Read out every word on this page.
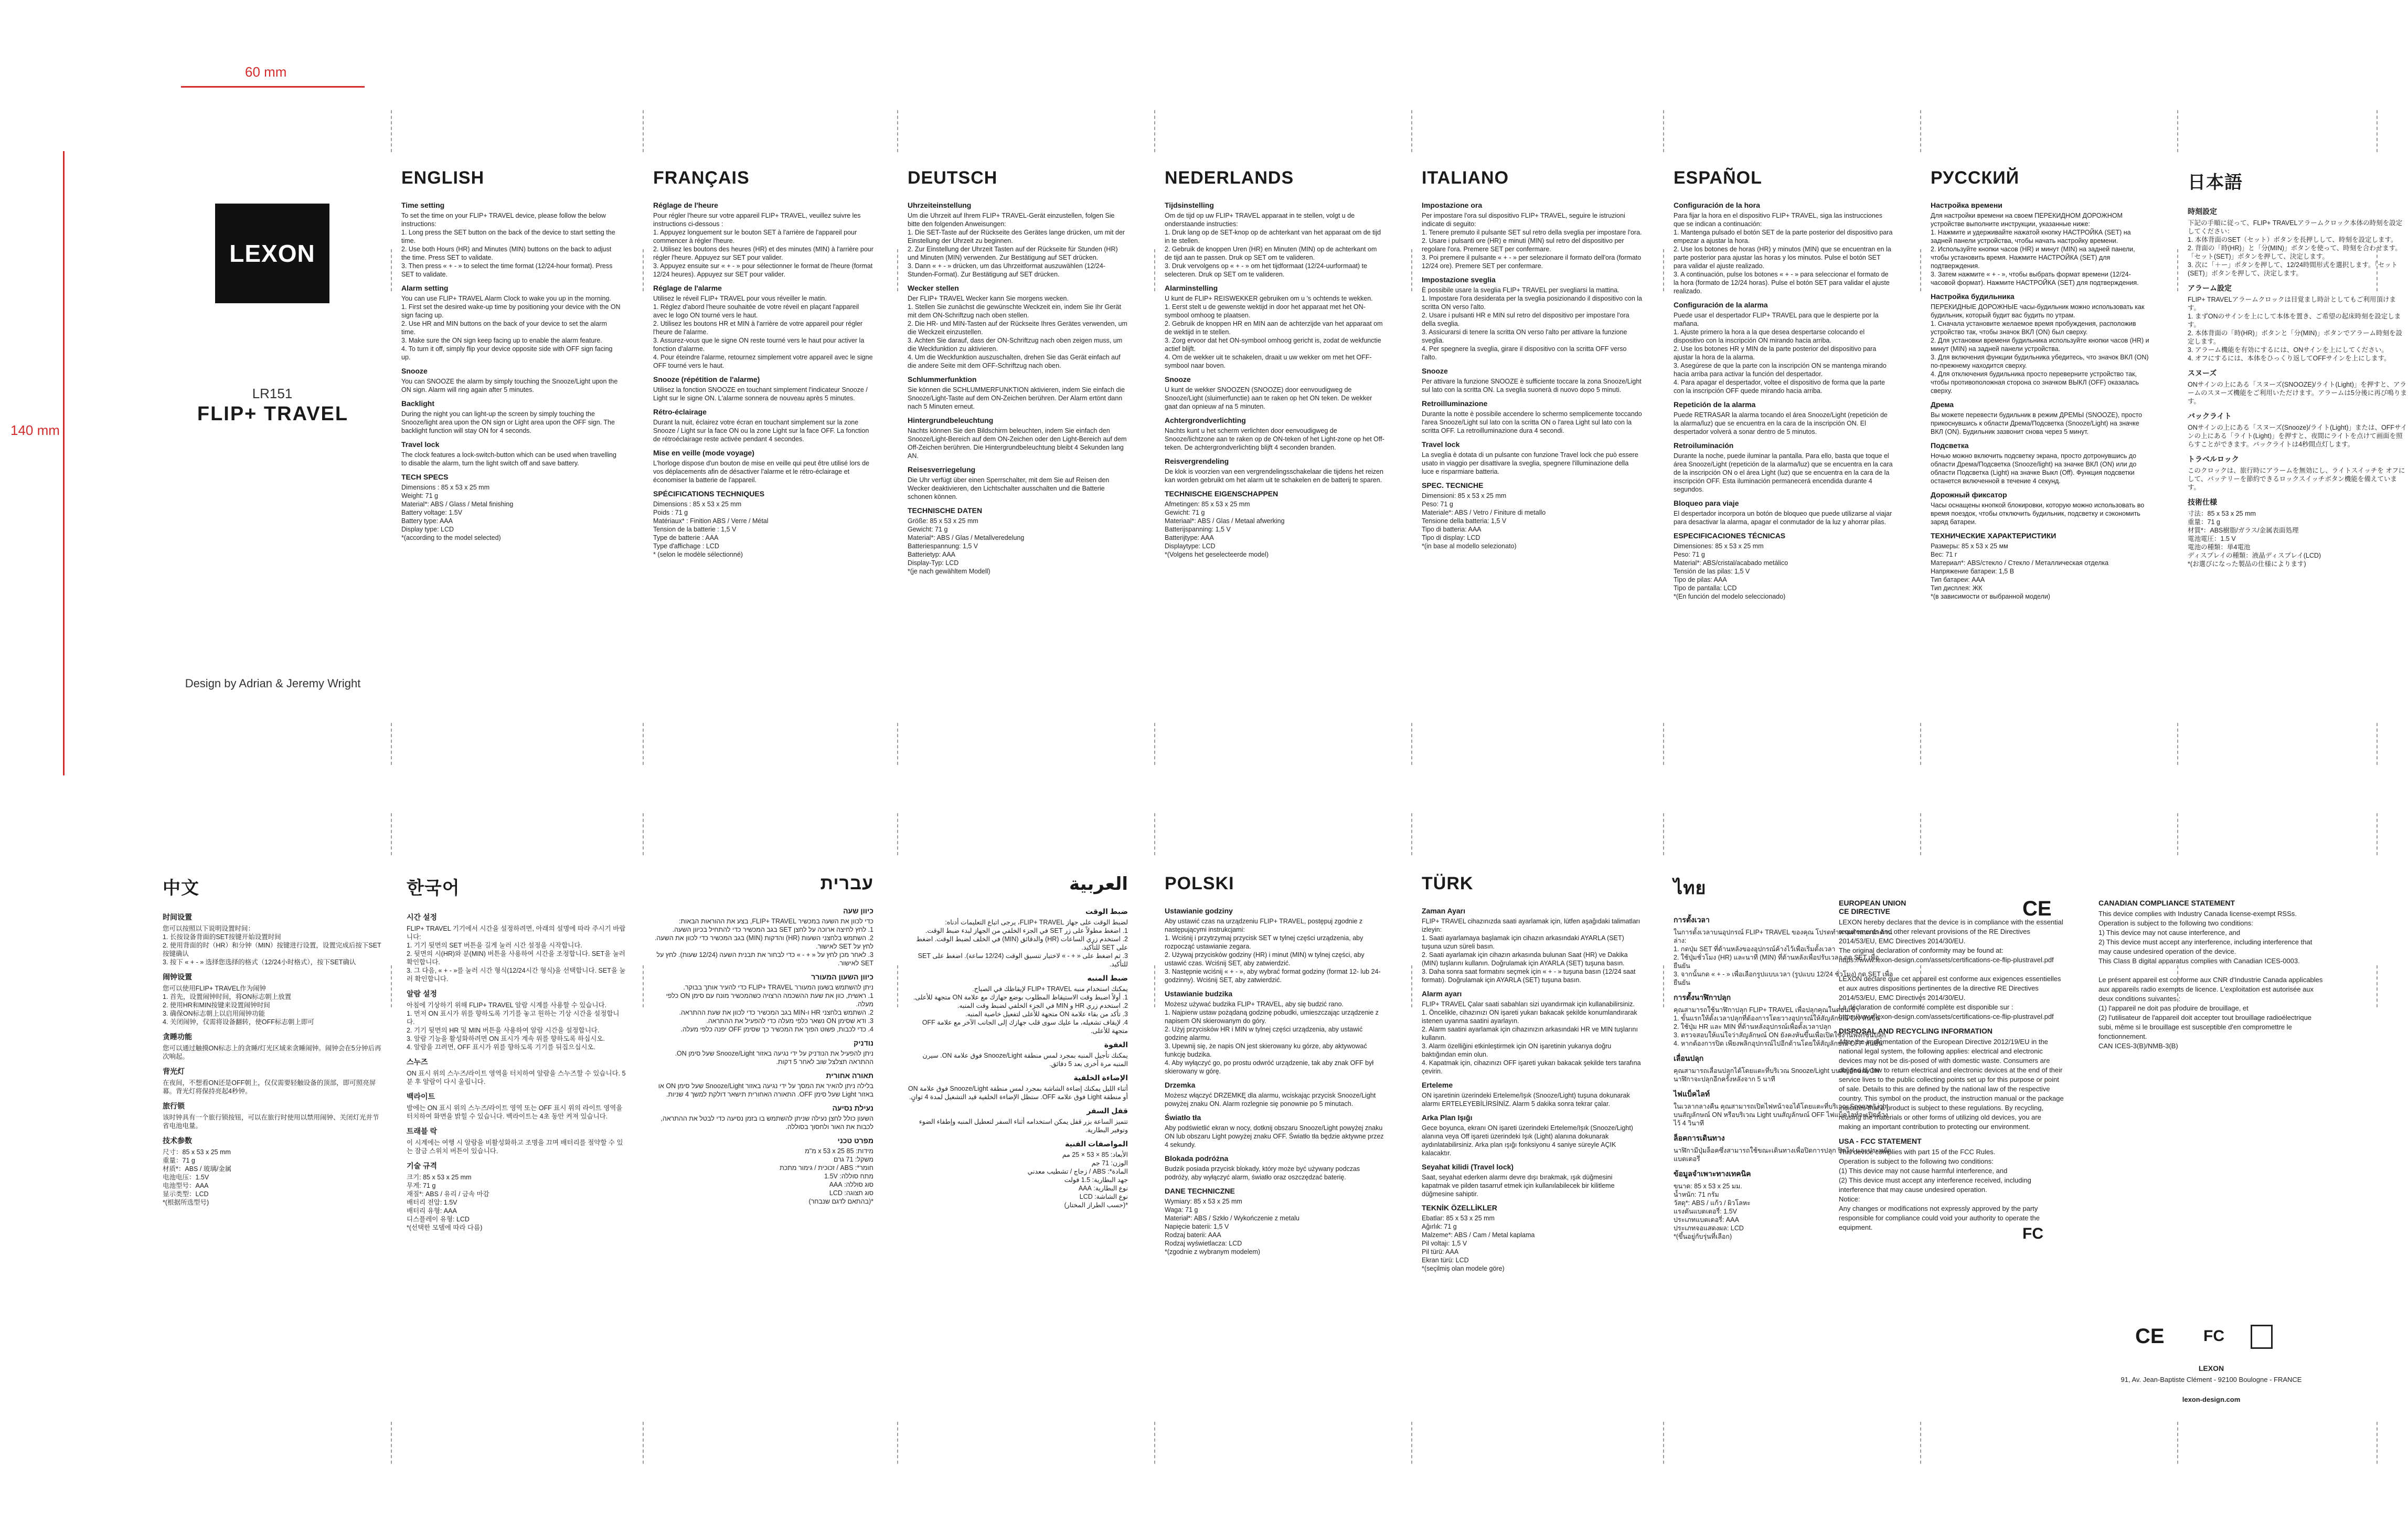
60 mm
140 mm
LEXON
LR151
FLIP+ TRAVEL
Design by Adrian & Jeremy Wright
ENGLISH
Time setting

To set the time on your FLIP+ TRAVEL device, please follow the below instructions:
1. Long press the SET button on the back of the device to start setting the time.
2. Use both Hours (HR) and Minutes (MIN) buttons on the back to adjust the time. Press SET to validate.
3. Then press « + - » to select the time format (12/24-hour format). Press SET to validate.

Alarm setting

You can use FLIP+ TRAVEL Alarm Clock to wake you up in the morning.
1. First set the desired wake-up time by positioning your device with the ON sign facing up.
2. Use HR and MIN buttons on the back of your device to set the alarm time.
3. Make sure the ON sign keep facing up to enable the alarm feature.
4. To turn it off, simply flip your device opposite side with OFF sign facing up.

Snooze

You can SNOOZE the alarm by simply touching the Snooze/Light upon the ON sign. Alarm will ring again after 5 minutes.

Backlight

During the night you can light-up the screen by simply touching the Snooze/light area upon the ON sign or Light area upon the OFF sign. The backlight function will stay ON for 4 seconds.

Travel lock

The clock features a lock-switch-button which can be used when travelling to disable the alarm, turn the light switch off and save battery.

TECH SPECS

Dimensions : 85 x 53 x 25 mm
Weight: 71 g
Material*: ABS / Glass / Metal finishing
Battery voltage: 1.5V
Battery type: AAA
Display type: LCD
*(according to the model selected)

FRANÇAIS
Réglage de l'heure

Pour régler l'heure sur votre appareil FLIP+ TRAVEL, veuillez suivre les instructions ci-dessous :
1. Appuyez longuement sur le bouton SET à l'arrière de l'appareil pour commencer à régler l'heure.
2. Utilisez les boutons des heures (HR) et des minutes (MIN) à l'arrière pour régler l'heure. Appuyez sur SET pour valider.
3. Appuyez ensuite sur « + - » pour sélectionner le format de l'heure (format 12/24 heures). Appuyez sur SET pour valider.

Réglage de l'alarme

Utilisez le réveil FLIP+ TRAVEL pour vous réveiller le matin.
1. Réglez d'abord l'heure souhaitée de votre réveil en plaçant l'appareil avec le logo ON tourné vers le haut.
2. Utilisez les boutons HR et MIN à l'arrière de votre appareil pour régler l'heure de l'alarme.
3. Assurez-vous que le signe ON reste tourné vers le haut pour activer la fonction d'alarme.
4. Pour éteindre l'alarme, retournez simplement votre appareil avec le signe OFF tourné vers le haut.

Snooze (répétition de l'alarme)

Utilisez la fonction SNOOZE en touchant simplement l'indicateur Snooze / Light sur le signe ON. L'alarme sonnera de nouveau après 5 minutes.

Rétro-éclairage

Durant la nuit, éclairez votre écran en touchant simplement sur la zone Snooze / Light sur la face ON ou la zone Light sur la face OFF. La fonction de rétroéclairage reste activée pendant 4 secondes.

Mise en veille (mode voyage)

L'horloge dispose d'un bouton de mise en veille qui peut être utilisé lors de vos déplacements afin de désactiver l'alarme et le rétro-éclairage et économiser la batterie de l'appareil.

SPÉCIFICATIONS TECHNIQUES

Dimensions : 85 x 53 x 25 mm
Poids : 71 g
Matériaux* : Finition ABS / Verre / Métal
Tension de la batterie : 1,5 V
Type de batterie : AAA
Type d'affichage : LCD
* (selon le modèle sélectionné)

DEUTSCH
Uhrzeiteinstellung

Um die Uhrzeit auf Ihrem FLIP+ TRAVEL-Gerät einzustellen, folgen Sie bitte den folgenden Anweisungen:
1. Die SET-Taste auf der Rückseite des Gerätes lange drücken, um mit der Einstellung der Uhrzeit zu beginnen.
2. Zur Einstellung der Uhrzeit Tasten auf der Rückseite für Stunden (HR) und Minuten (MIN) verwenden. Zur Bestätigung auf SET drücken.
3. Dann « + - » drücken, um das Uhrzeitformat auszuwählen (12/24-Stunden-Format). Zur Bestätigung auf SET drücken.

Wecker stellen

Der FLIP+ TRAVEL Wecker kann Sie morgens wecken.
1. Stellen Sie zunächst die gewünschte Weckzeit ein, indem Sie Ihr Gerät mit dem ON-Schriftzug nach oben stellen.
2. Die HR- und MIN-Tasten auf der Rückseite Ihres Gerätes verwenden, um die Weckzeit einzustellen.
3. Achten Sie darauf, dass der ON-Schriftzug nach oben zeigen muss, um die Weckfunktion zu aktivieren.
4. Um die Weckfunktion auszuschalten, drehen Sie das Gerät einfach auf die andere Seite mit dem OFF-Schriftzug nach oben.

Schlummerfunktion

Sie können die SCHLUMMERFUNKTION aktivieren, indem Sie einfach die Snooze/Light-Taste auf dem ON-Zeichen berühren. Der Alarm ertönt dann nach 5 Minuten erneut.

Hintergrundbeleuchtung

Nachts können Sie den Bildschirm beleuchten, indem Sie einfach den Snooze/Light-Bereich auf dem ON-Zeichen oder den Light-Bereich auf dem Off-Zeichen berühren. Die Hintergrundbeleuchtung bleibt 4 Sekunden lang AN.

Reisesverriegelung

Die Uhr verfügt über einen Sperrschalter, mit dem Sie auf Reisen den Wecker deaktivieren, den Lichtschalter ausschalten und die Batterie schonen können.

TECHNISCHE DATEN

Größe: 85 x 53 x 25 mm
Gewicht: 71 g
Material*: ABS / Glas / Metallveredelung
Batteriespannung: 1,5 V
Batterietyp: AAA
Display-Typ: LCD
*(je nach gewähltem Modell)

NEDERLANDS
Tijdsinstelling

Om de tijd op uw FLIP+ TRAVEL apparaat in te stellen, volgt u de onderstaande instructies:
1. Druk lang op de SET-knop op de achterkant van het apparaat om de tijd in te stellen.
2. Gebruik de knoppen Uren (HR) en Minuten (MIN) op de achterkant om de tijd aan te passen. Druk op SET om te valideren.
3. Druk vervolgens op « + - » om het tijdformaat (12/24-uurformaat) te selecteren. Druk op SET om te valideren.

Alarminstelling

U kunt de FLIP+ REISWEKKER gebruiken om u 's ochtends te wekken.
1. Eerst stelt u de gewenste wektijd in door het apparaat met het ON-symbool omhoog te plaatsen.
2. Gebruik de knoppen HR en MIN aan de achterzijde van het apparaat om de wektijd in te stellen.
3. Zorg ervoor dat het ON-symbool omhoog gericht is, zodat de wekfunctie actief blijft.
4. Om de wekker uit te schakelen, draait u uw wekker om met het OFF-symbool naar boven.

Snooze

U kunt de wekker SNOOZEN (SNOOZE) door eenvoudigweg de Snooze/Light (sluimerfunctie) aan te raken op het ON teken. De wekker gaat dan opnieuw af na 5 minuten.

Achtergrondverlichting

Nachts kunt u het scherm verlichten door eenvoudigweg de Snooze/lichtzone aan te raken op de ON-teken of het Light-zone op het Off-teken. De achtergrondverlichting blijft 4 seconden branden.

Reisvergrendeling

De klok is voorzien van een vergrendelingsschakelaar die tijdens het reizen kan worden gebruikt om het alarm uit te schakelen en de batterij te sparen.

TECHNISCHE EIGENSCHAPPEN

Afmetingen: 85 x 53 x 25 mm
Gewicht: 71 g
Materiaal*: ABS / Glas / Metaal afwerking
Batterijspanning: 1,5 V
Batterijtype: AAA
Displaytype: LCD
*(Volgens het geselecteerde model)

ITALIANO
Impostazione ora

Per impostare l'ora sul dispositivo FLIP+ TRAVEL, seguire le istruzioni indicate di seguito:
1. Tenere premuto il pulsante SET sul retro della sveglia per impostare l'ora.
2. Usare i pulsanti ore (HR) e minuti (MIN) sul retro del dispositivo per regolare l'ora. Premere SET per confermare.
3. Poi premere il pulsante « + - » per selezionare il formato dell'ora (formato 12/24 ore). Premere SET per confermare.

Impostazione sveglia

È possibile usare la sveglia FLIP+ TRAVEL per svegliarsi la mattina.
1. Impostare l'ora desiderata per la sveglia posizionando il dispositivo con la scritta ON verso l'alto.
2. Usare i pulsanti HR e MIN sul retro del dispositivo per impostare l'ora della sveglia.
3. Assicurarsi di tenere la scritta ON verso l'alto per attivare la funzione sveglia.
4. Per spegnere la sveglia, girare il dispositivo con la scritta OFF verso l'alto.

Snooze

Per attivare la funzione SNOOZE è sufficiente toccare la zona Snooze/Light sul lato con la scritta ON. La sveglia suonerà di nuovo dopo 5 minuti.

Retroilluminazione

Durante la notte è possibile accendere lo schermo semplicemente toccando l'area Snooze/Light sul lato con la scritta ON o l'area Light sul lato con la scritta OFF. La retroilluminazione dura 4 secondi.

Travel lock

La sveglia è dotata di un pulsante con funzione Travel lock che può essere usato in viaggio per disattivare la sveglia, spegnere l'illuminazione della luce e risparmiare batteria.

SPEC. TECNICHE

Dimensioni: 85 x 53 x 25 mm
Peso: 71 g
Materiale*: ABS / Vetro / Finiture di metallo
Tensione della batteria: 1,5 V
Tipo di batteria: AAA
Tipo di display: LCD
*(in base al modello selezionato)

ESPAÑOL
Configuración de la hora

Para fijar la hora en el dispositivo FLIP+ TRAVEL, siga las instrucciones que se indican a continuación:
1. Mantenga pulsado el botón SET de la parte posterior del dispositivo para empezar a ajustar la hora.
2. Use los botones de horas (HR) y minutos (MIN) que se encuentran en la parte posterior para ajustar las horas y los minutos. Pulse el botón SET para validar el ajuste realizado.
3. A continuación, pulse los botones « + - » para seleccionar el formato de la hora (formato de 12/24 horas). Pulse el botón SET para validar el ajuste realizado.

Configuración de la alarma

Puede usar el despertador FLIP+ TRAVEL para que le despierte por la mañana.
1. Ajuste primero la hora a la que desea despertarse colocando el dispositivo con la inscripción ON mirando hacia arriba.
2. Use los botones HR y MIN de la parte posterior del dispositivo para ajustar la hora de la alarma.
3. Asegúrese de que la parte con la inscripción ON se mantenga mirando hacia arriba para activar la función del despertador.
4. Para apagar el despertador, voltee el dispositivo de forma que la parte con la inscripción OFF quede mirando hacia arriba.

Repetición de la alarma

Puede RETRASAR la alarma tocando el área Snooze/Light (repetición de la alarma/luz) que se encuentra en la cara de la inscripción ON. El despertador volverá a sonar dentro de 5 minutos.

Retroiluminación

Durante la noche, puede iluminar la pantalla. Para ello, basta que toque el área Snooze/Light (repetición de la alarma/luz) que se encuentra en la cara de la inscripción ON o el área Light (luz) que se encuentra en la cara de la inscripción OFF. Esta iluminación permanecerá encendida durante 4 segundos.

Bloqueo para viaje

El despertador incorpora un botón de bloqueo que puede utilizarse al viajar para desactivar la alarma, apagar el conmutador de la luz y ahorrar pilas.

ESPECIFICACIONES TÉCNICAS

Dimensiones: 85 x 53 x 25 mm
Peso: 71 g
Material*: ABS/cristal/acabado metálico
Tensión de las pilas: 1,5 V
Tipo de pilas: AAA
Tipo de pantalla: LCD
*(En función del modelo seleccionado)

РУССКИЙ
Настройка времени

Для настройки времени на своем ПЕРЕКИДНОМ ДОРОЖНОМ устройстве выполните инструкции, указанные ниже:
1. Нажмите и удерживайте нажатой кнопку НАСТРОЙКА (SET) на задней панели устройства, чтобы начать настройку времени.
2. Используйте кнопки часов (HR) и минут (MIN) на задней панели, чтобы установить время. Нажмите НАСТРОЙКА (SET) для подтверждения.
3. Затем нажмите « + - », чтобы выбрать формат времени (12/24-часовой формат). Нажмите НАСТРОЙКА (SET) для подтверждения.

Настройка будильника

ПЕРЕКИДНЫЕ ДОРОЖНЫЕ часы-будильник можно использовать как будильник, который будит вас будить по утрам.
1. Сначала установите желаемое время пробуждения, расположив устройство так, чтобы значок ВКЛ (ON) был сверху.
2. Для установки времени будильника используйте кнопки часов (HR) и минут (MIN) на задней панели устройства.
3. Для включения функции будильника убедитесь, что значок ВКЛ (ON) по-прежнему находится сверху.
4. Для отключения будильника просто переверните устройство так, чтобы противоположная сторона со значком ВЫКЛ (OFF) оказалась сверху.

Дрема

Вы можете перевести будильник в режим ДРЕМЫ (SNOOZE), просто прикоснувшись к области Дрема/Подсветка (Snooze/Light) на значке ВКЛ (ON). Будильник зазвонит снова через 5 минут.

Подсветка

Ночью можно включить подсветку экрана, просто дотронувшись до области Дрема/Подсветка (Snooze/light) на значке ВКЛ (ON) или до области Подсветка (Light) на значке Выкл (Off). Функция подсветки останется включенной в течение 4 секунд.

Дорожный фиксатор

Часы оснащены кнопкой блокировки, которую можно использовать во время поездок, чтобы отключить будильник, подсветку и сэкономить заряд батареи.

ТЕХНИЧЕСКИЕ ХАРАКТЕРИСТИКИ

Размеры: 85 x 53 x 25 мм
Вес: 71 г
Материал*: ABS/стекло / Стекло / Металлическая отделка
Напряжение батареи: 1,5 В
Тип батареи: AAA
Тип дисплея: ЖК
*(в зависимости от выбранной модели)

日本語
時刻設定

下記の手順に従って、FLIP+ TRAVELアラームクロック本体の時刻を設定してください：
1. 本体背面のSET（セット）ボタンを長押しして、時刻を設定します。
2. 背面の「時(HR)」と「分(MIN)」ボタンを使って、時刻を合わせます。「セット(SET)」ボタンを押して、決定します。
3. 次に「＋ー」ボタンを押して、12/24時間形式を選択します。「セット(SET)」ボタンを押して、決定します。

アラーム設定

FLIP+ TRAVELアラームクロックは目覚まし時計としてもご利用頂けます。
1. まずONのサインを上にして本体を置き、ご希望の起床時刻を設定します。
2. 本体背面の「時(HR)」ボタンと「分(MIN)」ボタンでアラーム時刻を設定します。
3. アラーム機能を有効にするには、ONサインを上にしてください。
4. オフにするには、本体をひっくり返してOFFサインを上にします。

スヌーズ

ONサインの上にある「スヌーズ(SNOOZE)/ライト(Light)」を押すと、アラームのスヌーズ機能をご利用いただけます。アラームは5分後に再び鳴ります。

バックライト

ONサインの上にある「スヌーズ(Snooze)/ライト(Light)」または、OFFサインの上にある「ライト(Light)」を押すと、夜間にライトを点けて画面を照らすことができます。バックライトは4秒間点灯します。

トラベルロック

このクロックは、旅行時にアラームを無効にし、ライトスイッチを オフにして、バッテリーを節約できるロックスイッチボタン機能を備えています。

技術仕様

寸法：85 x 53 x 25 mm
重量：71 g
材質*：ABS樹脂/ガラス/金属表面処理
電池電圧：1.5 V
電池の種類：単4電池
ディスプレイの種類：液晶ディスプレイ(LCD)
*(お選びになった製品の仕様によります)

中文
时间设置

您可以按照以下说明设置时间：
1. 长按设备背面的SET按键开始设置时间
2. 使用背面的时（HR）和分钟（MIN）按键进行设置，设置完成后按下SET按键确认
3. 按下 « + - » 选择您选择的格式（12/24小时格式），按下SET确认

闹钟设置

您可以使用FLIP+ TRAVEL作为闹钟
1. 首先，设置闹钟时间，将ON标志朝上放置
2. 使用HR和MIN按键来设置闹钟时间
3. 确保ON标志朝上以启用闹钟功能
4. 关闭闹钟，仅需将设备翻转，使OFF标志朝上即可

贪睡功能

您可以通过触摸ON标志上的贪睡/灯光区域来贪睡闹钟。闹钟会在5分钟后再次响起。

背光灯

在夜间，不想看ON还是OFF朝上，仅仅需要轻触设备的顶部，即可照亮屏幕。背光灯将保持亮起4秒钟。

旅行锁

该时钟具有一个旅行锁按钮，可以在旅行时使用以禁用闹钟、关闭灯光并节省电池电量。

技术参数

尺寸：85 x 53 x 25 mm
重量：71 g
材质*：ABS / 玻璃/金属
电池电压：1.5V
电池型号：AAA
显示类型：LCD
*(根据所选型号)

한국어
시간 설정

FLIP+ TRAVEL 기기에서 시간을 설정하려면, 아래의 설명에 따라 주시기 바랍니다:
1. 기기 뒷면의 SET 버튼을 길게 눌러 시간 설정을 시작합니다.
2. 뒷면의 시(HR)와 분(MIN) 버튼을 사용하여 시간을 조정합니다. SET을 눌러 확인합니다.
3. 그 다음, « + - »를 눌러 시간 형식(12/24시간 형식)을 선택합니다. SET을 눌러 확인합니다.

알람 설정

아침에 기상하기 위해 FLIP+ TRAVEL 알람 시계를 사용할 수 있습니다.
1. 먼저 ON 표시가 위를 향하도록 기기를 놓고 원하는 기상 시간을 설정합니다.
2. 기기 뒷면의 HR 및 MIN 버튼을 사용하여 알람 시간을 설정합니다.
3. 알람 기능을 활성화하려면 ON 표시가 계속 위를 향하도록 하십시오.
4. 알람을 끄려면, OFF 표시가 위를 향하도록 기기를 뒤집으십시오.

스누즈

ON 표시 위의 스누즈/라이트 영역을 터치하여 알람을 스누즈할 수 있습니다. 5분 후 알람이 다시 울립니다.

백라이트

밤에는 ON 표시 위의 스누즈/라이트 영역 또는 OFF 표시 위의 라이트 영역을 터치하여 화면을 밝힐 수 있습니다. 백라이트는 4초 동안 켜져 있습니다.

트래블 락

이 시계에는 여행 시 알람을 비활성화하고 조명을 끄며 배터리를 절약할 수 있는 잠금 스위치 버튼이 있습니다.

기술 규격

크기: 85 x 53 x 25 mm
무게: 71 g
재질*: ABS / 유리 / 금속 마감
배터리 전압: 1.5V
배터리 유형: AAA
디스플레이 유형: LCD
*(선택한 모델에 따라 다름)

עברית
כיוון שעה

כדי לכוון את השעה במכשיר FLIP+ TRAVEL, בצע את ההוראות הבאות:
1. לחץ לחיצה ארוכה על לחצן SET בגב המכשיר כדי להתחיל בכיוון השעה.
2. השתמש בלחצני השעות (HR) והדקות (MIN) בגב המכשיר כדי לכוון את השעה. לחץ על SET לאישור.
3. לאחר מכן לחץ על « + - » כדי לבחור את תבנית השעה (12/24 שעות). לחץ על SET לאישור.

כיוון השעון המעורר

ניתן להשתמש בשעון המעורר FLIP+ TRAVEL כדי להעיר אותך בבוקר.
1. ראשית, כוון את שעת ההשכמה הרצויה כשהמכשיר מונח עם סימן ON כלפי מעלה.
2. השתמש בלחצני HR ו-MIN בגב המכשיר כדי לכוון את שעת ההתראה.
3. ודא שסימן ON נשאר כלפי מעלה כדי להפעיל את ההתראה.
4. כדי לכבות, פשוט הפוך את המכשיר כך שסימן OFF יפנה כלפי מעלה.

נודניק

ניתן להפעיל את הנודניק על ידי נגיעה באזור Snooze/Light שעל סימן ON. ההתראה תצלצל שוב לאחר 5 דקות.

תאורה אחורית

בלילה ניתן להאיר את המסך על ידי נגיעה באזור Snooze/Light שעל סימן ON או באזור Light שעל סימן OFF. התאורה האחורית תישאר דולקת למשך 4 שניות.

נעילת נסיעה

השעון כולל לחצן נעילה שניתן להשתמש בו בזמן נסיעה כדי לבטל את ההתראה, לכבות את האור ולחסוך בסוללה.

מפרט טכני

מידות: 85 x 53 x 25 מ"מ
משקל: 71 גרם
חומר*: ABS / זכוכית / גימור מתכת
מתח סוללה: 1.5V
סוג סוללה: AAA
סוג תצוגה: LCD
*(בהתאם לדגם שנבחר)

العربية
ضبط الوقت

لضبط الوقت على جهاز FLIP+ TRAVEL، يرجى اتباع التعليمات أدناه:
1. اضغط مطولاً على زر SET في الجزء الخلفي من الجهاز لبدء ضبط الوقت.
2. استخدم زري الساعات (HR) والدقائق (MIN) في الخلف لضبط الوقت. اضغط على SET للتأكيد.
3. ثم اضغط على « + - » لاختيار تنسيق الوقت (12/24 ساعة). اضغط على SET للتأكيد.

ضبط المنبه

يمكنك استخدام منبه FLIP+ TRAVEL لإيقاظك في الصباح.
1. أولاً اضبط وقت الاستيقاظ المطلوب بوضع جهازك مع علامة ON متجهة للأعلى.
2. استخدم زري HR و MIN في الجزء الخلفي لضبط وقت المنبه.
3. تأكد من بقاء علامة ON متجهة للأعلى لتفعيل خاصية المنبه.
4. لإيقاف تشغيله، ما عليك سوى قلب جهازك إلى الجانب الآخر مع علامة OFF متجهة للأعلى.

الغفوة

يمكنك تأجيل المنبه بمجرد لمس منطقة Snooze/Light فوق علامة ON. سيرن المنبه مرة أخرى بعد 5 دقائق.

الإضاءة الخلفية

أثناء الليل يمكنك إضاءة الشاشة بمجرد لمس منطقة Snooze/Light فوق علامة ON أو منطقة Light فوق علامة OFF. ستظل الإضاءة الخلفية قيد التشغيل لمدة 4 ثوانٍ.

قفل السفر

تتميز الساعة بزر قفل يمكن استخدامه أثناء السفر لتعطيل المنبه وإطفاء الضوء وتوفير البطارية.

المواصفات الفنية

الأبعاد: 85 × 53 × 25 مم
الوزن: 71 جم
المادة*: ABS / زجاج / تشطيب معدني
جهد البطارية: 1.5 فولت
نوع البطارية: AAA
نوع الشاشة: LCD
*(حسب الطراز المختار)

POLSKI
Ustawianie godziny

Aby ustawić czas na urządzeniu FLIP+ TRAVEL, postępuj zgodnie z następującymi instrukcjami:
1. Wciśnij i przytrzymaj przycisk SET w tylnej części urządzenia, aby rozpocząć ustawianie zegara.
2. Używaj przycisków godziny (HR) i minut (MIN) w tylnej części, aby ustawić czas. Wciśnij SET, aby zatwierdzić.
3. Następnie wciśnij « + - », aby wybrać format godziny (format 12- lub 24-godzinny). Wciśnij SET, aby zatwierdzić.

Ustawianie budzika

Możesz używać budzika FLIP+ TRAVEL, aby się budzić rano.
1. Najpierw ustaw pożądaną godzinę pobudki, umieszczając urządzenie z napisem ON skierowanym do góry.
2. Użyj przycisków HR i MIN w tylnej części urządzenia, aby ustawić godzinę alarmu.
3. Upewnij się, że napis ON jest skierowany ku górze, aby aktywować funkcję budzika.
4. Aby wyłączyć go, po prostu odwróć urządzenie, tak aby znak OFF był skierowany w górę.

Drzemka

Możesz włączyć DRZEMKĘ dla alarmu, wciskając przycisk Snooze/Light powyżej znaku ON. Alarm rozlegnie się ponownie po 5 minutach.

Światło tła

Aby podświetlić ekran w nocy, dotknij obszaru Snooze/Light powyżej znaku ON lub obszaru Light powyżej znaku OFF. Światło tła będzie aktywne przez 4 sekundy.

Blokada podróżna

Budzik posiada przycisk blokady, który może być używany podczas podróży, aby wyłączyć alarm, światło oraz oszczędzać baterię.

DANE TECHNICZNE

Wymiary: 85 x 53 x 25 mm
Waga: 71 g
Materiał*: ABS / Szkło / Wykończenie z metalu
Napięcie baterii: 1,5 V
Rodzaj baterii: AAA
Rodzaj wyświetlacza: LCD
*(zgodnie z wybranym modelem)

TÜRK
Zaman Ayarı

FLIP+ TRAVEL cihazınızda saati ayarlamak için, lütfen aşağıdaki talimatları izleyin:
1. Saati ayarlamaya başlamak için cihazın arkasındaki AYARLA (SET) tuşuna uzun süreli basın.
2. Saati ayarlamak için cihazın arkasında bulunan Saat (HR) ve Dakika (MIN) tuşlarını kullanın. Doğrulamak için AYARLA (SET) tuşuna basın.
3. Daha sonra saat formatını seçmek için « + - » tuşuna basın (12/24 saat formatı). Doğrulamak için AYARLA (SET) tuşuna basın.

Alarm ayarı

FLIP+ TRAVEL Çalar saati sabahları sizi uyandırmak için kullanabilirsiniz.
1. Öncelikle, cihazınızı ON işareti yukarı bakacak şekilde konumlandırarak istenen uyanma saatini ayarlayın.
2. Alarm saatini ayarlamak için cihazınızın arkasındaki HR ve MIN tuşlarını kullanın.
3. Alarm özelliğini etkinleştirmek için ON işaretinin yukarıya doğru baktığından emin olun.
4. Kapatmak için, cihazınızı OFF işareti yukarı bakacak şekilde ters tarafına çevirin.

Erteleme

ON işaretinin üzerindeki Erteleme/Işık (Snooze/Light) tuşuna dokunarak alarmı ERTELEYEBİLİRSİNİZ. Alarm 5 dakika sonra tekrar çalar.

Arka Plan Işığı

Gece boyunca, ekranı ON işareti üzerindeki Erteleme/Işık (Snooze/Light) alanına veya Off işareti üzerindeki Işık (Light) alanına dokunarak aydınlatabilirsiniz. Arka plan ışığı fonksiyonu 4 saniye süreyle AÇIK kalacaktır.

Seyahat kilidi (Travel lock)

Saat, seyahat ederken alarmı devre dışı bırakmak, ışık düğmesini kapatmak ve pilden tasarruf etmek için kullanılabilecek bir kilitleme düğmesine sahiptir.

TEKNİK ÖZELLİKLER

Ebatlar: 85 x 53 x 25 mm
Ağırlık: 71 g
Malzeme*: ABS / Cam / Metal kaplama
Pil voltajı: 1,5 V
Pil türü: AAA
Ekran türü: LCD
*(seçilmiş olan modele göre)

ไทย
การตั้งเวลา

ในการตั้งเวลาบนอุปกรณ์ FLIP+ TRAVEL ของคุณ โปรดทำตามคำแนะนำด้านล่าง:
1. กดปุ่ม SET ที่ด้านหลังของอุปกรณ์ค้างไว้เพื่อเริ่มตั้งเวลา
2. ใช้ปุ่มชั่วโมง (HR) และนาที (MIN) ที่ด้านหลังเพื่อปรับเวลา กด SET เพื่อยืนยัน
3. จากนั้นกด « + - » เพื่อเลือกรูปแบบเวลา (รูปแบบ 12/24 ชั่วโมง) กด SET เพื่อยืนยัน

การตั้งนาฬิกาปลุก

คุณสามารถใช้นาฬิกาปลุก FLIP+ TRAVEL เพื่อปลุกคุณในตอนเช้า
1. ขั้นแรกให้ตั้งเวลาปลุกที่ต้องการโดยวางอุปกรณ์ให้สัญลักษณ์ ON หันขึ้น
2. ใช้ปุ่ม HR และ MIN ที่ด้านหลังอุปกรณ์เพื่อตั้งเวลาปลุก
3. ตรวจสอบให้แน่ใจว่าสัญลักษณ์ ON ยังคงหันขึ้นเพื่อเปิดใช้งานฟังก์ชันปลุก
4. หากต้องการปิด เพียงพลิกอุปกรณ์ไปอีกด้านโดยให้สัญลักษณ์ OFF หันขึ้น

เลื่อนปลุก

คุณสามารถเลื่อนปลุกได้โดยแตะที่บริเวณ Snooze/Light บนสัญลักษณ์ ON นาฬิกาจะปลุกอีกครั้งหลังจาก 5 นาที

ไฟแบ็คไลท์

ในเวลากลางคืน คุณสามารถเปิดไฟหน้าจอได้โดยแตะที่บริเวณ Snooze/Light บนสัญลักษณ์ ON หรือบริเวณ Light บนสัญลักษณ์ OFF ไฟแบ็คไลท์จะเปิดค้างไว้ 4 วินาที

ล็อคการเดินทาง

นาฬิกามีปุ่มล็อคซึ่งสามารถใช้ขณะเดินทางเพื่อปิดการปลุก ปิดไฟ และประหยัดแบตเตอรี่

ข้อมูลจำเพาะทางเทคนิค

ขนาด: 85 x 53 x 25 มม.
น้ำหนัก: 71 กรัม
วัสดุ*: ABS / แก้ว / ผิวโลหะ
แรงดันแบตเตอรี่: 1.5V
ประเภทแบตเตอรี่: AAA
ประเภทจอแสดงผล: LCD
*(ขึ้นอยู่กับรุ่นที่เลือก)

EUROPEAN UNION
CE DIRECTIVE

LEXON hereby declares that the device is in compliance with the essential requirements and other relevant provisions of the RE Directives 2014/53/EU, EMC Directives 2014/30/EU.
The original declaration of conformity may be found at:
https://www.lexon-design.com/assets/certifications-ce-flip-plustravel.pdf

LEXON déclare que cet appareil est conforme aux exigences essentielles et aux autres dispositions pertinentes de la directive RE Directives 2014/53/EU, EMC Directives 2014/30/EU.
La déclaration de conformité complète est disponible sur :
https://www.lexon-design.com/assets/certifications-ce-flip-plustravel.pdf

DISPOSAL AND RECYCLING INFORMATION

After the implementation of the European Directive 2012/19/EU in the national legal system, the following applies: electrical and electronic devices may not be dis-posed of with domestic waste. Consumers are obliged by law to return electrical and electronic devices at the end of their service lives to the public collecting points set up for this purpose or point of sale. Details to this are defined by the national law of the respective country. This symbol on the product, the instruction manual or the package indicates that a product is subject to these regulations. By recycling, reusing the materials or other forms of utilizing old devices, you are making an important contribution to protecting our environment.

USA - FCC STATEMENT

This device complies with part 15 of the FCC Rules.
Operation is subject to the following two conditions:
(1) This device may not cause harmful interference, and
(2) This device must accept any interference received, including interference that may cause undesired operation.
Notice:
Any changes or modifications not expressly approved by the party responsible for compliance could void your authority to operate the equipment.

CE
FC
CANADIAN COMPLIANCE STATEMENT

This device complies with Industry Canada license-exempt RSSs. Operation is subject to the following two conditions:
1) This device may not cause interference, and
2) This device must accept any interference, including interference that may cause undesired operation of the device.
This Class B digital apparatus complies with Canadian ICES-0003.

Le présent appareil est conforme aux CNR d'Industrie Canada applicables aux appareils radio exempts de licence. L'exploitation est autorisée aux deux conditions suivantes :
(1) l'appareil ne doit pas produire de brouillage, et
(2) l'utilisateur de l'appareil doit accepter tout brouillage radioélectrique subi, même si le brouillage est susceptible d'en compromettre le fonctionnement.
CAN ICES-3(B)/NMB-3(B)

CE FC
LEXON
91, Av. Jean-Baptiste Clément - 92100 Boulogne - FRANCE
lexon-design.com
